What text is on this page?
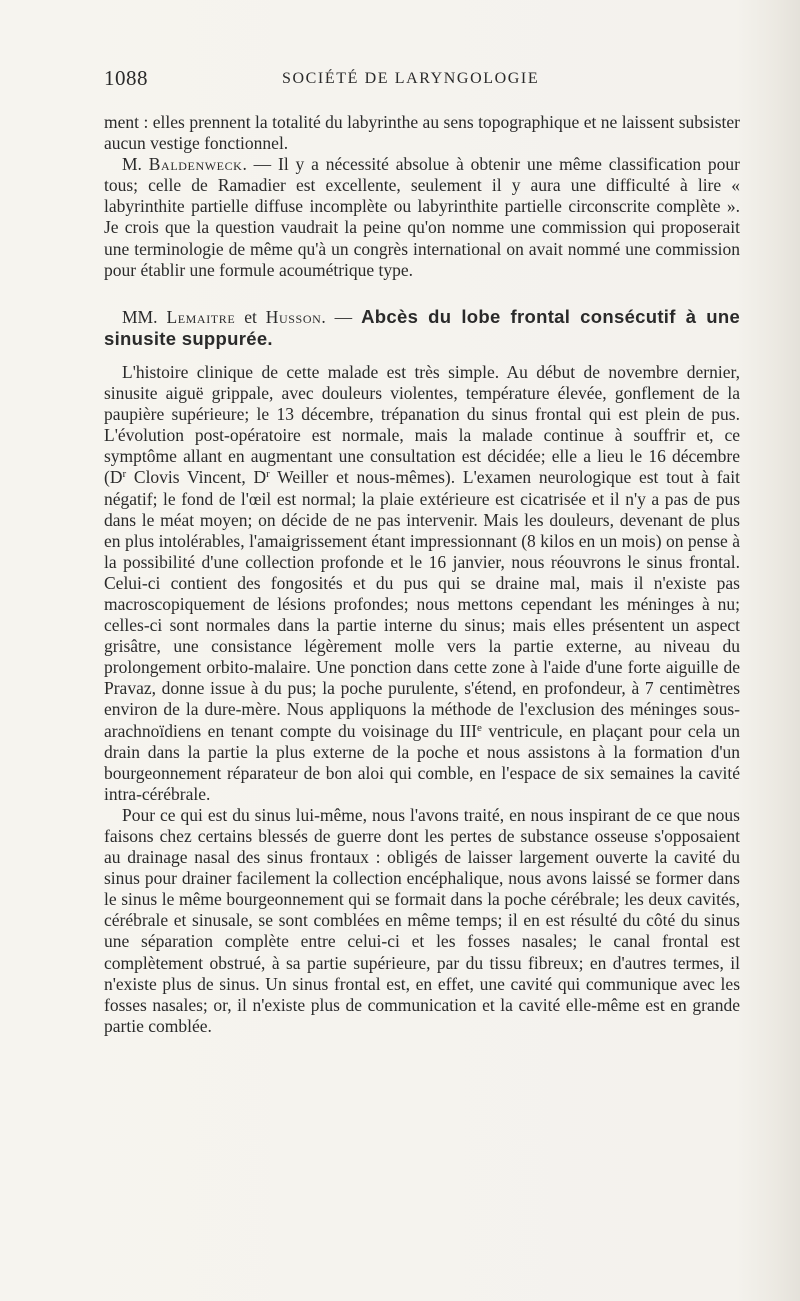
1088	SOCIÉTÉ DE LARYNGOLOGIE

ment : elles prennent la totalité du labyrinthe au sens topographique et ne laissent subsister aucun vestige fonctionnel.

M. Baldenweck. — Il y a nécessité absolue à obtenir une même classification pour tous; celle de Ramadier est excellente, seulement il y aura une difficulté à lire « labyrinthite partielle diffuse incomplète ou labyrinthite partielle circonscrite complète ». Je crois que la question vaudrait la peine qu'on nomme une commission qui proposerait une terminologie de même qu'à un congrès international on avait nommé une commission pour établir une formule acoumétrique type.

MM. Lemaitre et Husson. — Abcès du lobe frontal consécutif à une sinusite suppurée.

L'histoire clinique de cette malade est très simple. Au début de novembre dernier, sinusite aiguë grippale, avec douleurs violentes, température élevée, gonflement de la paupière supérieure; le 13 décembre, trépanation du sinus frontal qui est plein de pus. L'évolution post-opératoire est normale, mais la malade continue à souffrir et, ce symptôme allant en augmentant une consultation est décidée; elle a lieu le 16 décembre ($D^r$ Clovis Vincent, $D^r$ Weiller et nous-mêmes). L'examen neurologique est tout à fait négatif; le fond de l'œil est normal; la plaie extérieure est cicatrisée et il n'y a pas de pus dans le méat moyen; on décide de ne pas intervenir. Mais les douleurs, devenant de plus en plus intolérables, l'amaigrissement étant impressionnant (8 kilos en un mois) on pense à la possibilité d'une collection profonde et le 16 janvier, nous réouvrons le sinus frontal. Celui-ci contient des fongosités et du pus qui se draine mal, mais il n'existe pas macroscopiquement de lésions profondes; nous mettons cependant les méninges à nu; celles-ci sont normales dans la partie interne du sinus; mais elles présentent un aspect grisâtre, une consistance légèrement molle vers la partie externe, au niveau du prolongement orbito-malaire. Une ponction dans cette zone à l'aide d'une forte aiguille de Pravaz, donne issue à du pus; la poche purulente, s'étend, en profondeur, à 7 centimètres environ de la dure-mère. Nous appliquons la méthode de l'exclusion des méninges sous-arachnoïdiens en tenant compte du voisinage du IIIe ventricule, en plaçant pour cela un drain dans la partie la plus externe de la poche et nous assistons à la formation d'un bourgeonnement réparateur de bon aloi qui comble, en l'espace de six semaines la cavité intra-cérébrale.

Pour ce qui est du sinus lui-même, nous l'avons traité, en nous inspirant de ce que nous faisons chez certains blessés de guerre dont les pertes de substance osseuse s'opposaient au drainage nasal des sinus frontaux : obligés de laisser largement ouverte la cavité du sinus pour drainer facilement la collection encéphalique, nous avons laissé se former dans le sinus le même bourgeonnement qui se formait dans la poche cérébrale; les deux cavités, cérébrale et sinusale, se sont comblées en même temps; il en est résulté du côté du sinus une séparation complète entre celui-ci et les fosses nasales; le canal frontal est complètement obstrué, à sa partie supérieure, par du tissu fibreux; en d'autres termes, il n'existe plus de sinus. Un sinus frontal est, en effet, une cavité qui communique avec les fosses nasales; or, il n'existe plus de communication et la cavité elle-même est en grande partie comblée.
